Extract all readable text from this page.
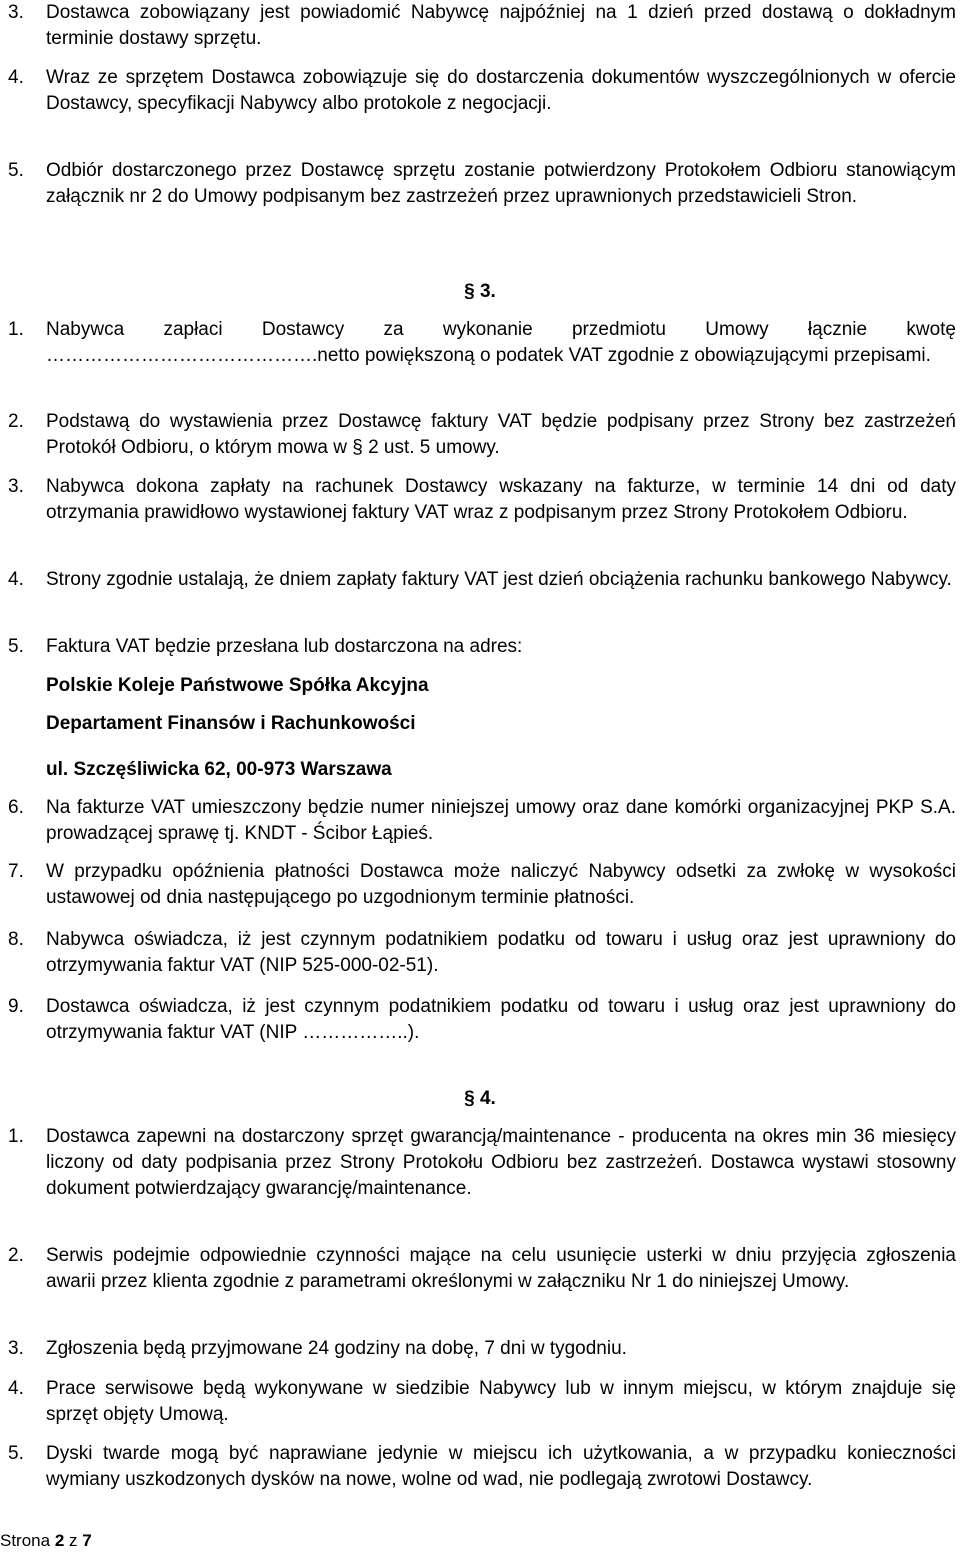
3.	Dostawca zobowiązany jest powiadomić Nabywcę najpóźniej na 1 dzień przed dostawą o dokładnym terminie dostawy sprzętu.
4.	Wraz ze sprzętem Dostawca zobowiązuje się do dostarczenia dokumentów wyszczególnionych w ofercie Dostawcy, specyfikacji Nabywcy albo protokole z negocjacji.
5.	Odbiór dostarczonego przez Dostawcę sprzętu zostanie potwierdzony Protokołem Odbioru stanowiącym załącznik nr 2 do Umowy podpisanym bez zastrzeżeń przez uprawnionych przedstawicieli Stron.
§ 3.
1.	Nabywca zapłaci Dostawcy za wykonanie przedmiotu Umowy łącznie kwotę …………………………………….netto powiększoną o podatek VAT zgodnie z obowiązującymi przepisami.
2.	Podstawą do wystawienia przez Dostawcę faktury VAT będzie podpisany przez Strony bez zastrzeżeń Protokół Odbioru, o którym mowa w § 2 ust. 5 umowy.
3.	Nabywca dokona zapłaty na rachunek Dostawcy wskazany na fakturze, w terminie 14 dni od daty otrzymania prawidłowo wystawionej faktury VAT wraz z podpisanym przez Strony Protokołem Odbioru.
4.	Strony zgodnie ustalają, że dniem zapłaty faktury VAT jest dzień obciążenia rachunku bankowego Nabywcy.
5.	Faktura VAT będzie przesłana lub dostarczona na adres:
Polskie Koleje Państwowe Spółka Akcyjna
Departament Finansów i Rachunkowości
ul. Szczęśliwicka 62, 00-973 Warszawa
6.	Na fakturze VAT umieszczony będzie numer niniejszej umowy oraz dane komórki organizacyjnej PKP S.A. prowadzącej sprawę tj. KNDT - Ścibor Łąpieś.
7.	W przypadku opóźnienia płatności Dostawca może naliczyć Nabywcy odsetki za zwłokę w wysokości ustawowej od dnia następującego po uzgodnionym terminie płatności.
8.	Nabywca oświadcza, iż jest czynnym podatnikiem podatku od towaru i usług oraz jest uprawniony do otrzymywania faktur VAT (NIP 525-000-02-51).
9.	Dostawca oświadcza, iż jest czynnym podatnikiem podatku od towaru i usług oraz jest uprawniony do otrzymywania faktur VAT (NIP ……………..).
§ 4.
1.	Dostawca zapewni na dostarczony sprzęt gwarancją/maintenance - producenta na okres min 36 miesięcy liczony od daty podpisania przez Strony Protokołu Odbioru bez zastrzeżeń. Dostawca wystawi stosowny dokument potwierdzający gwarancję/maintenance.
2.	Serwis podejmie odpowiednie czynności mające na celu usunięcie usterki w dniu przyjęcia zgłoszenia awarii przez klienta zgodnie z parametrami określonymi w załączniku Nr 1 do niniejszej Umowy.
3.	Zgłoszenia będą przyjmowane 24 godziny na dobę, 7 dni w tygodniu.
4.	Prace serwisowe będą wykonywane w siedzibie Nabywcy lub w innym miejscu, w którym znajduje się sprzęt objęty Umową.
5.	Dyski twarde mogą być naprawiane jedynie w miejscu ich użytkowania, a w przypadku konieczności wymiany uszkodzonych dysków na nowe, wolne od wad, nie podlegają zwrotowi Dostawcy.
Strona 2 z 7
